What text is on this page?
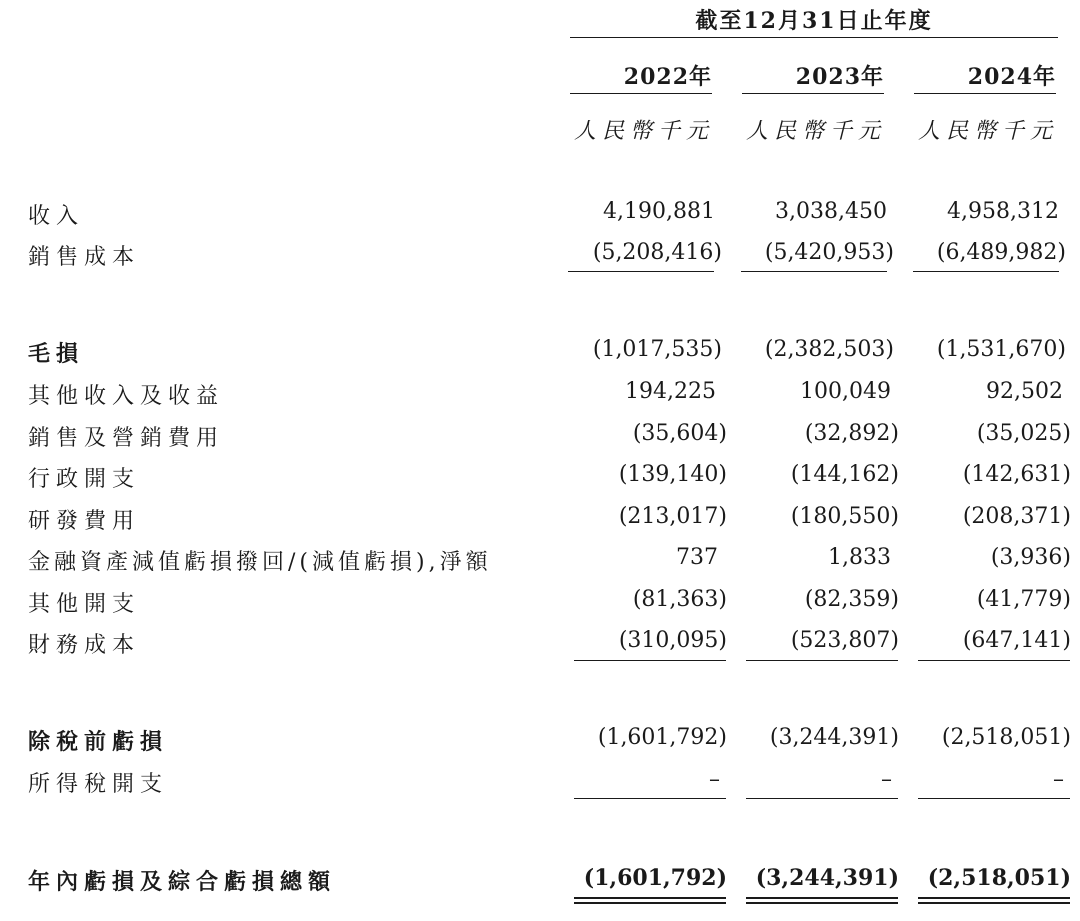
截至12月31日止年度
2022年	2023年	2024年
人民幣千元	人民幣千元	人民幣千元
收入	4,190,881	3,038,450	4,958,312
銷售成本	(5,208,416)	(5,420,953)	(6,489,982)
毛損	(1,017,535)	(2,382,503)	(1,531,670)
其他收入及收益	194,225	100,049	92,502
銷售及營銷費用	(35,604)	(32,892)	(35,025)
行政開支	(139,140)	(144,162)	(142,631)
研發費用	(213,017)	(180,550)	(208,371)
金融資產減值虧損撥回/(減值虧損),淨額	737	1,833	(3,936)
其他開支	(81,363)	(82,359)	(41,779)
財務成本	(310,095)	(523,807)	(647,141)
除稅前虧損	(1,601,792)	(3,244,391)	(2,518,051)
所得稅開支	–	–	–
年內虧損及綜合虧損總額	(1,601,792)	(3,244,391)	(2,518,051)
